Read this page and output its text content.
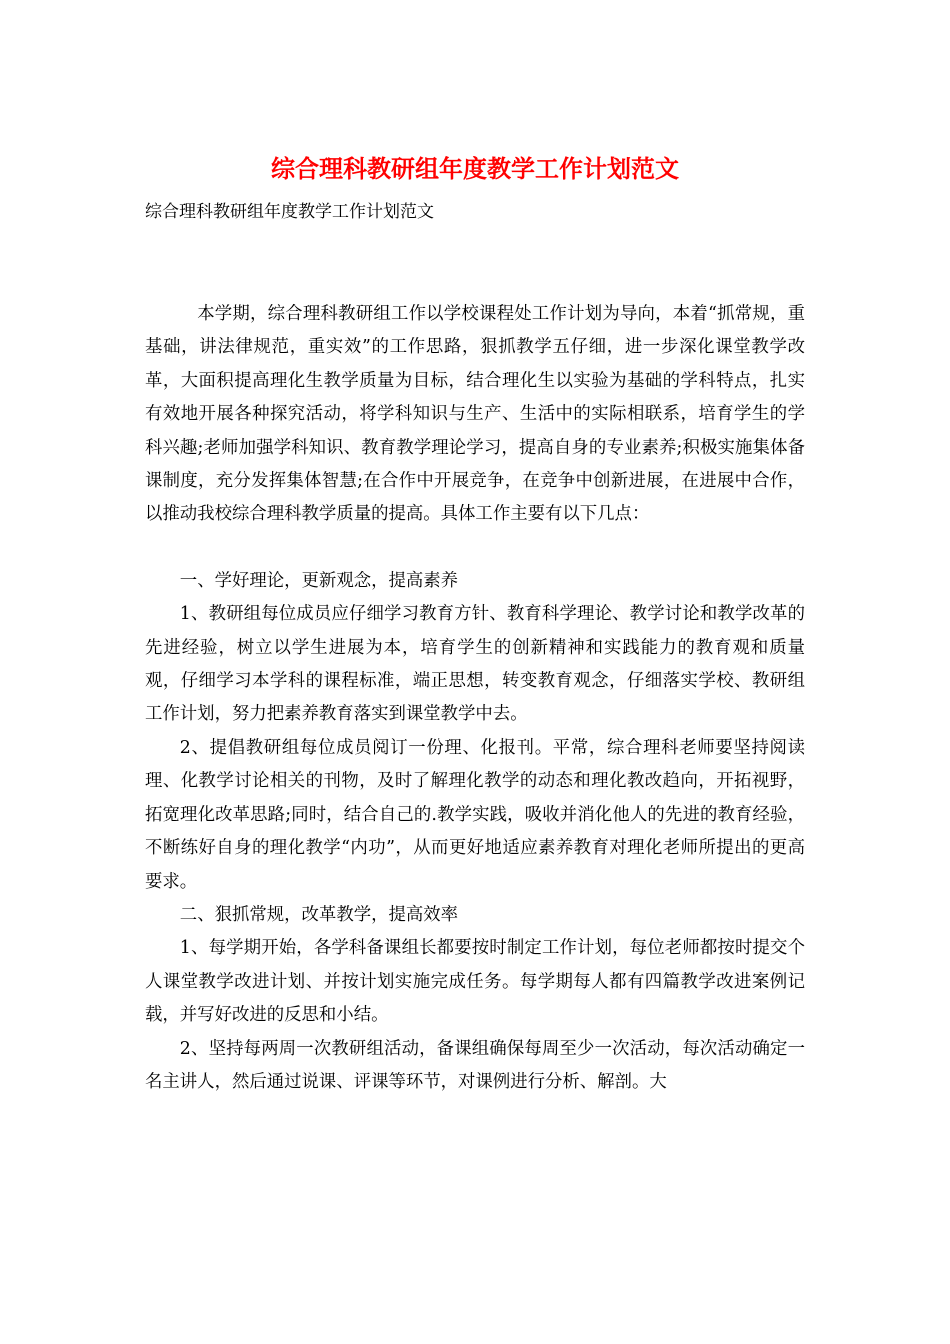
综合理科教研组年度教学工作计划范文
综合理科教研组年度教学工作计划范文

本学期，综合理科教研组工作以学校课程处工作计划为导向，本着“抓常规，重基础，讲法律规范，重实效”的工作思路，狠抓教学五仔细，进一步深化课堂教学改革，大面积提高理化生教学质量为目标，结合理化生以实验为基础的学科特点，扎实有效地开展各种探究活动，将学科知识与生产、生活中的实际相联系，培育学生的学科兴趣;老师加强学科知识、教育教学理论学习，提高自身的专业素养;积极实施集体备课制度，充分发挥集体智慧;在合作中开展竞争，在竞争中创新进展，在进展中合作，以推动我校综合理科教学质量的提高。具体工作主要有以下几点：

一、学好理论，更新观念，提高素养

1、教研组每位成员应仔细学习教育方针、教育科学理论、教学讨论和教学改革的先进经验，树立以学生进展为本，培育学生的创新精神和实践能力的教育观和质量观，仔细学习本学科的课程标准，端正思想，转变教育观念，仔细落实学校、教研组工作计划，努力把素养教育落实到课堂教学中去。

2、提倡教研组每位成员阅订一份理、化报刊。平常，综合理科老师要坚持阅读理、化教学讨论相关的刊物，及时了解理化教学的动态和理化教改趋向，开拓视野，拓宽理化改革思路;同时，结合自己的.教学实践，吸收并消化他人的先进的教育经验，不断练好自身的理化教学“内功”，从而更好地适应素养教育对理化老师所提出的更高要求。

二、狠抓常规，改革教学，提高效率

1、每学期开始，各学科备课组长都要按时制定工作计划，每位老师都按时提交个人课堂教学改进计划、并按计划实施完成任务。每学期每人都有四篇教学改进案例记载，并写好改进的反思和小结。

2、坚持每两周一次教研组活动，备课组确保每周至少一次活动，每次活动确定一名主讲人，然后通过说课、评课等环节，对课例进行分析、解剖。大
